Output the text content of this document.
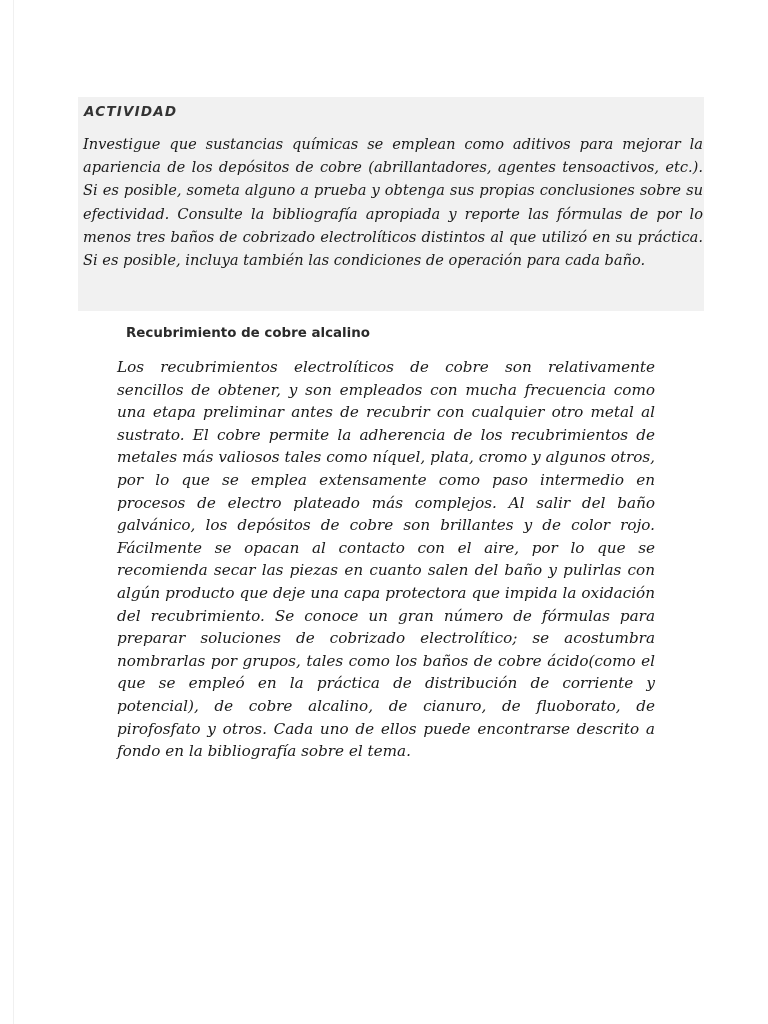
ACTIVIDAD

Investigue que sustancias químicas se emplean como aditivos para mejorar la apariencia de los depósitos de cobre (abrillantadores, agentes tensoactivos, etc.). Si es posible, someta alguno a prueba y obtenga sus propias conclusiones sobre su efectividad. Consulte la bibliografía apropiada y reporte las fórmulas de por lo menos tres baños de cobrizado electrolíticos distintos al que utilizó en su práctica. Si es posible, incluya también las condiciones de operación para cada baño.

Recubrimiento de cobre alcalino

Los recubrimientos electrolíticos de cobre son relativamente sencillos de obtener, y son empleados con mucha frecuencia como una etapa preliminar antes de recubrir con cualquier otro metal al sustrato. El cobre permite la adherencia de los recubrimientos de metales más valiosos tales como níquel, plata, cromo y algunos otros, por lo que se emplea extensamente como paso intermedio en procesos de electro plateado más complejos. Al salir del baño galvánico, los depósitos de cobre son brillantes y de color rojo. Fácilmente se opacan al contacto con el aire, por lo que se recomienda secar las piezas en cuanto salen del baño y pulirlas con algún producto que deje una capa protectora que impida la oxidación del recubrimiento. Se conoce un gran número de fórmulas para preparar soluciones de cobrizado electrolítico; se acostumbra nombrarlas por grupos, tales como los baños de cobre ácido(como el que se empleó en la práctica de distribución de corriente y potencial), de cobre alcalino, de cianuro, de fluoborato, de pirofosfato y otros. Cada uno de ellos puede encontrarse descrito a fondo en la bibliografía sobre el tema.
